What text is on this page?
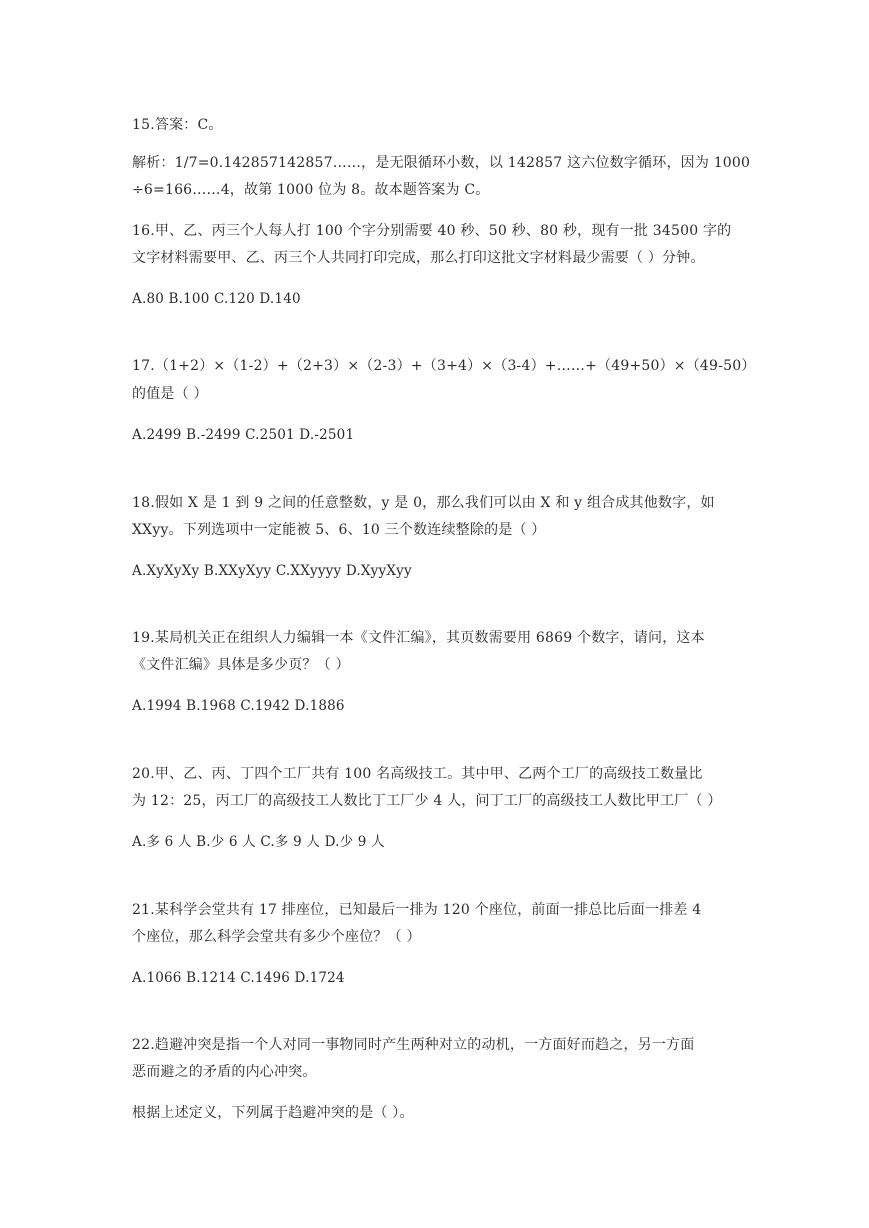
15.答案：C。
解析：1/7=0.142857142857……，是无限循环小数，以 142857 这六位数字循环，因为 1000
÷6=166……4，故第 1000 位为 8。故本题答案为 C。
16.甲、乙、丙三个人每人打 100 个字分别需要 40 秒、50 秒、80 秒，现有一批 34500 字的
文字材料需要甲、乙、丙三个人共同打印完成，那么打印这批文字材料最少需要（ ）分钟。
A.80 B.100 C.120 D.140
17.（1+2）×（1-2）+（2+3）×（2-3）+（3+4）×（3-4）+……+（49+50）×（49-50）
的值是（ ）
A.2499 B.-2499 C.2501 D.-2501
18.假如 X 是 1 到 9 之间的任意整数，y 是 0，那么我们可以由 X 和 y 组合成其他数字，如
XXyy。下列选项中一定能被 5、6、10 三个数连续整除的是（ ）
A.XyXyXy B.XXyXyy C.XXyyyy D.XyyXyy
19.某局机关正在组织人力编辑一本《文件汇编》，其页数需要用 6869 个数字，请问，这本
《文件汇编》具体是多少页？（ ）
A.1994 B.1968 C.1942 D.1886
20.甲、乙、丙、丁四个工厂共有 100 名高级技工。其中甲、乙两个工厂的高级技工数量比
为 12：25，丙工厂的高级技工人数比丁工厂少 4 人，问丁工厂的高级技工人数比甲工厂（ ）
A.多 6 人 B.少 6 人 C.多 9 人 D.少 9 人
21.某科学会堂共有 17 排座位，已知最后一排为 120 个座位，前面一排总比后面一排差 4
个座位，那么科学会堂共有多少个座位？（ ）
A.1066 B.1214 C.1496 D.1724
22.趋避冲突是指一个人对同一事物同时产生两种对立的动机，一方面好而趋之，另一方面
恶而避之的矛盾的内心冲突。
根据上述定义，下列属于趋避冲突的是（ ）。
